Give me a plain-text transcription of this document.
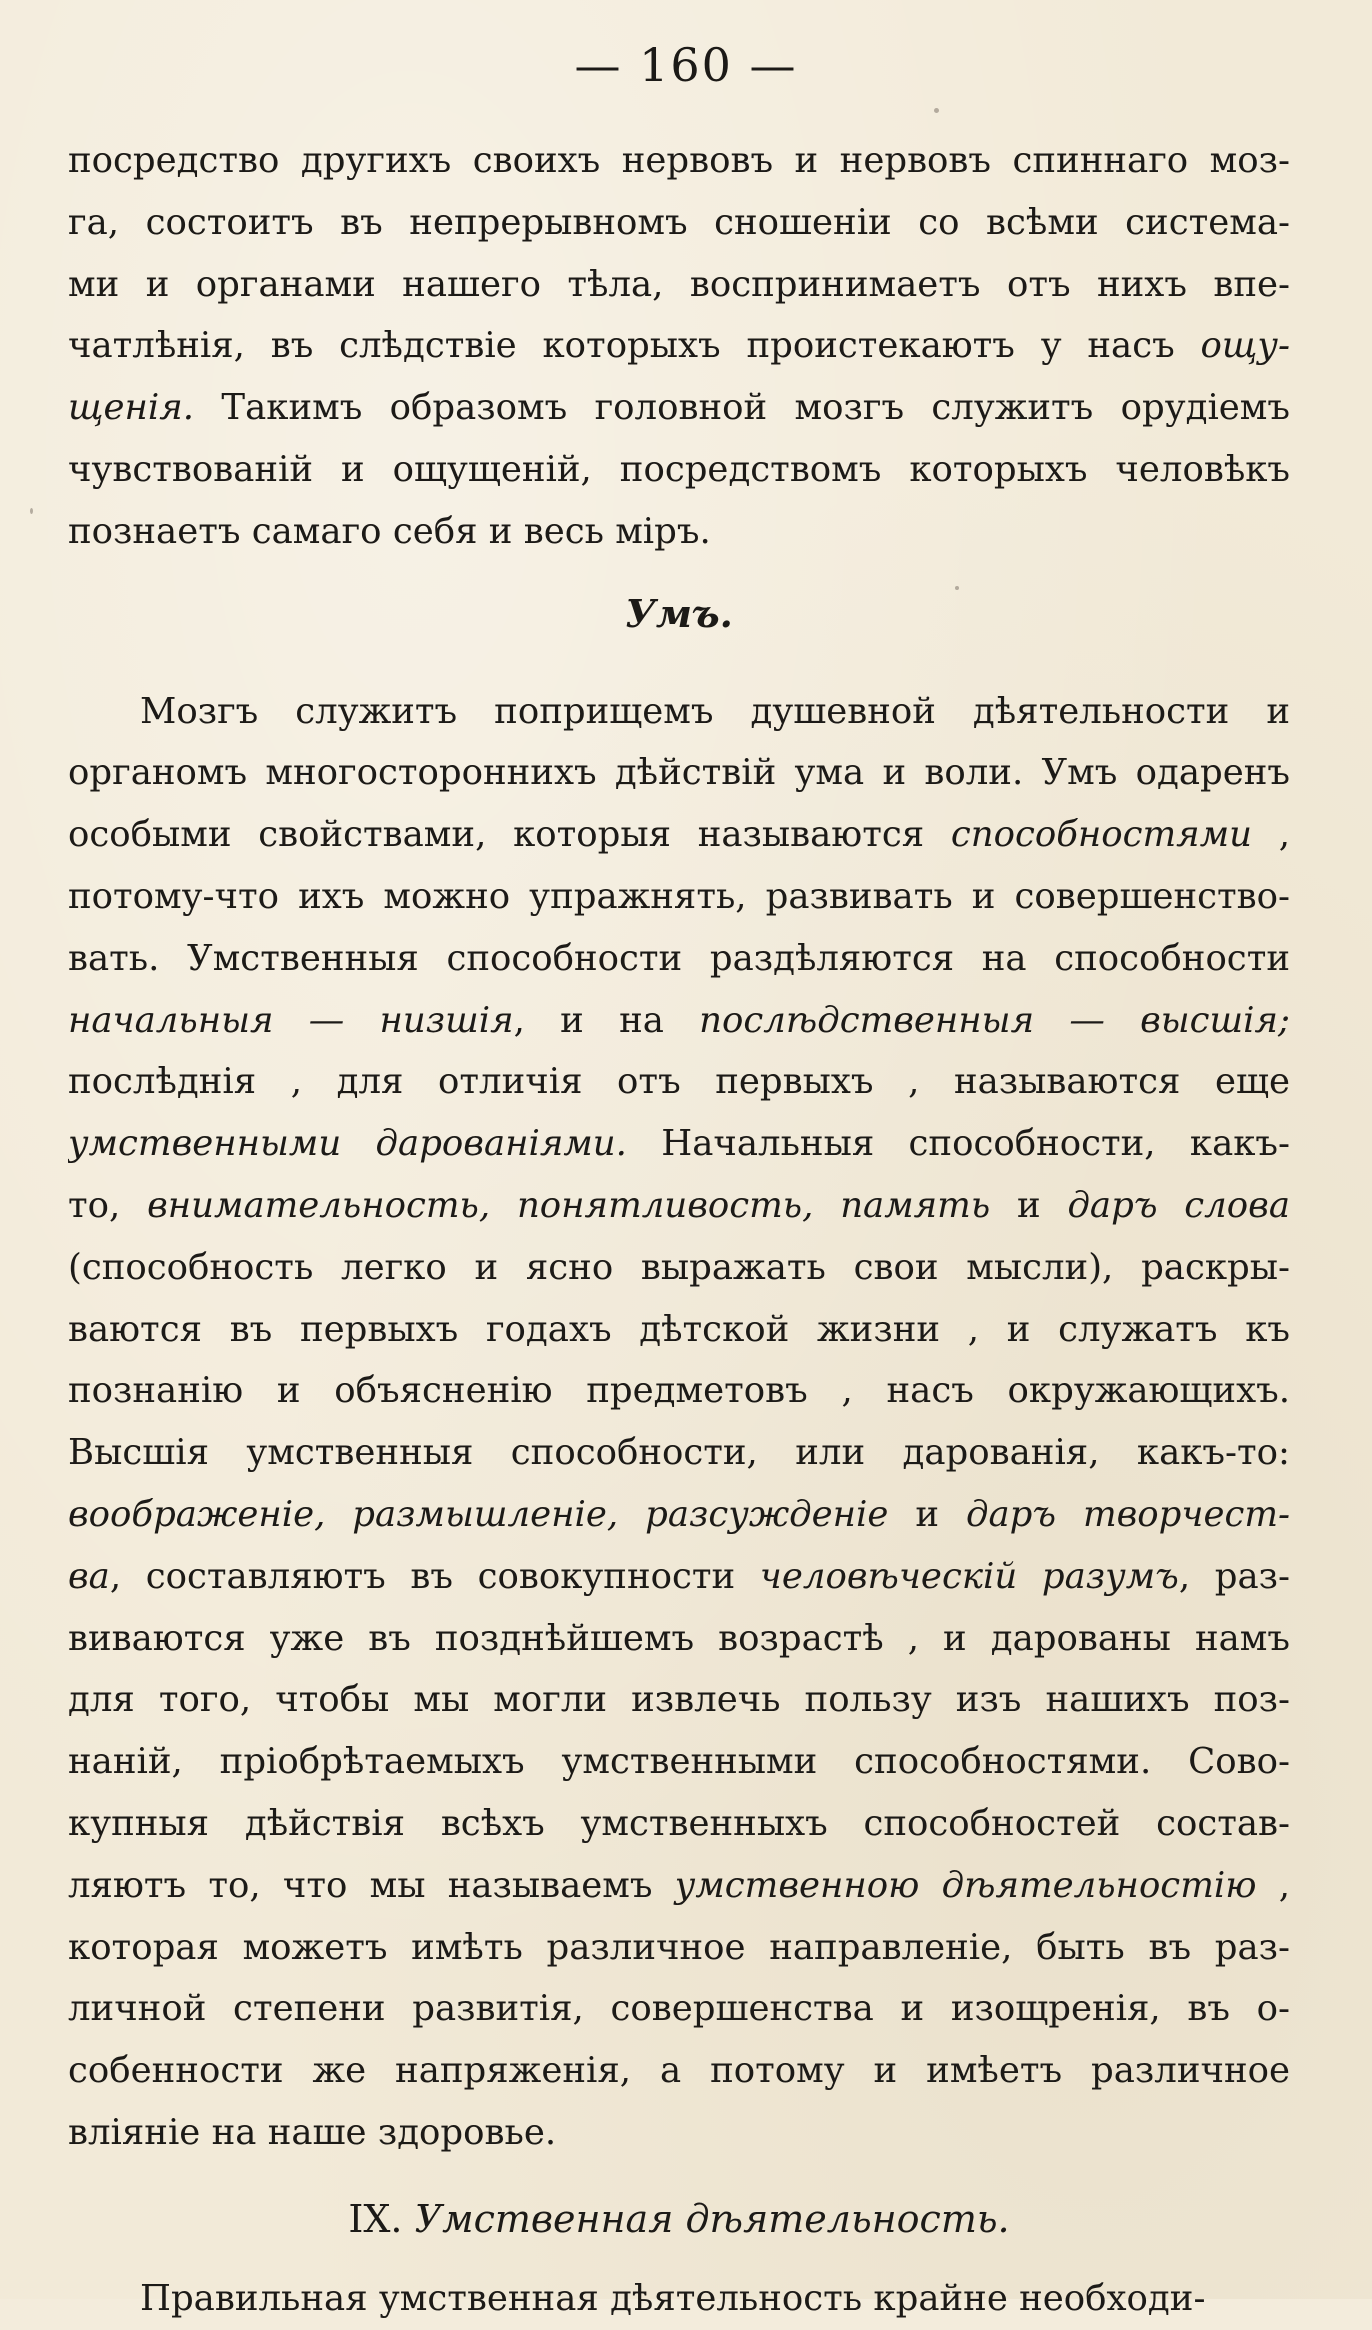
— 160 —
посредство другихъ своихъ нервовъ и нервовъ спиннаго моз-
га, состоитъ въ непрерывномъ сношеніи со всѣми система-
ми и органами нашего тѣла, воспринимаетъ отъ нихъ впе-
чатлѣнія, въ слѣдствіе которыхъ проистекаютъ у насъ ощу-
щенія. Такимъ образомъ головной мозгъ служитъ орудіемъ
чувствованій и ощущеній, посредствомъ которыхъ человѣкъ
познаетъ самаго себя и весь міръ.
Умъ.
Мозгъ служитъ поприщемъ душевной дѣятельности и
органомъ многостороннихъ дѣйствій ума и воли. Умъ одаренъ
особыми свойствами, которыя называются способностями ,
потому-что ихъ можно упражнять, развивать и совершенство-
вать. Умственныя способности раздѣляются на способности
начальныя — низшія, и на послѣдственныя — высшія;
послѣднія , для отличія отъ первыхъ , называются еще
умственными дарованіями. Начальныя способности, какъ-
то, внимательность, понятливость, память и даръ слова
(способность легко и ясно выражать свои мысли), раскры-
ваются въ первыхъ годахъ дѣтской жизни , и служатъ къ
познанію и объясненію предметовъ , насъ окружающихъ.
Высшія умственныя способности, или дарованія, какъ-то:
воображеніе, размышленіе, разсужденіе и даръ творчест-
ва, составляютъ въ совокупности человѣческій разумъ, раз-
виваются уже въ позднѣйшемъ возрастѣ , и дарованы намъ
для того, чтобы мы могли извлечь пользу изъ нашихъ поз-
наній, пріобрѣтаемыхъ умственными способностями. Сово-
купныя дѣйствія всѣхъ умственныхъ способностей состав-
ляютъ то, что мы называемъ умственною дѣятельностію ,
которая можетъ имѣть различное направленіе, быть въ раз-
личной степени развитія, совершенства и изощренія, въ о-
собенности же напряженія, а потому и имѣетъ различное
вліяніе на наше здоровье.
IX. Умственная дѣятельность.
Правильная умственная дѣятельность крайне необходи-
